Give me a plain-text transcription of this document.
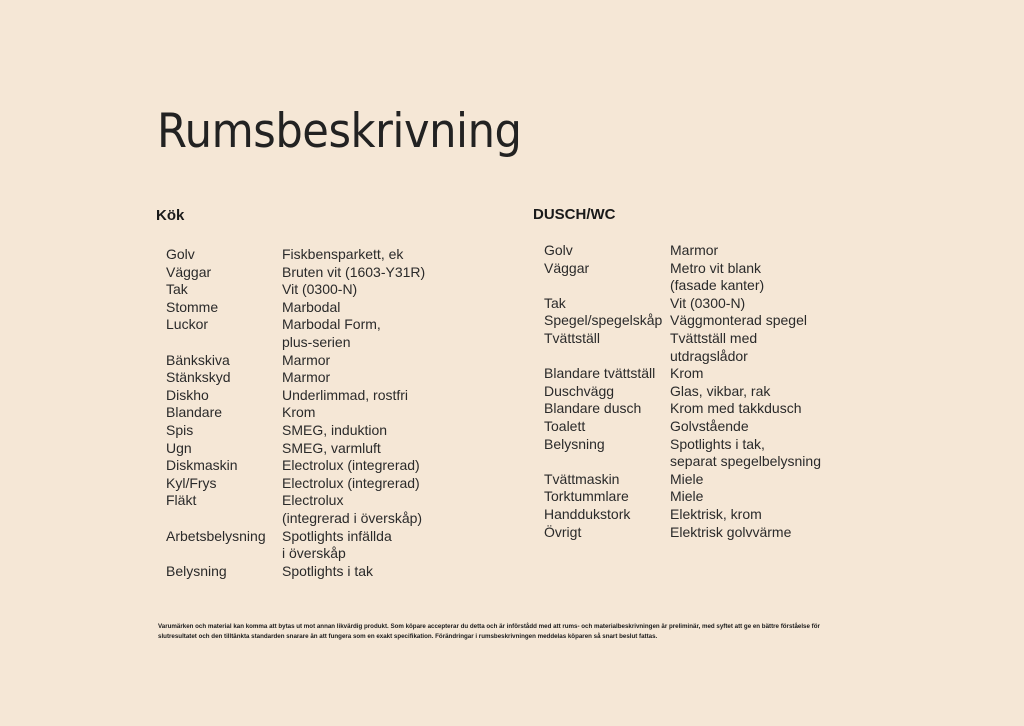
Rumsbeskrivning
Kök
Golv	Fiskbensparkett, ek

Väggar	Bruten vit (1603-Y31R)

Tak	Vit (0300-N)

Stomme	Marbodal

Luckor	Marbodal Form,
plus-serien

Bänkskiva	Marmor

Stänkskyd	Marmor

Diskho	Underlimmad, rostfri

Blandare	Krom

Spis	SMEG, induktion

Ugn	SMEG, varmluft

Diskmaskin	Electrolux (integrerad)

Kyl/Frys	Electrolux (integrerad)

Fläkt	Electrolux
(integrerad i överskåp)

Arbetsbelysning	Spotlights infällda
i överskåp

Belysning	Spotlights i tak
DUSCH/WC
Golv	Marmor

Väggar	Metro vit blank
(fasade kanter)

Tak	Vit (0300-N)

Spegel/spegelskåp	Väggmonterad spegel

Tvättställ	Tvättställ med
utdragslådor

Blandare tvättställ	Krom

Duschvägg	Glas, vikbar, rak

Blandare dusch	Krom med takkdusch

Toalett	Golvstående

Belysning	Spotlights i tak,
separat spegelbelysning

Tvättmaskin	Miele

Torktummlare	Miele

Handdukstork	Elektrisk, krom

Övrigt	Elektrisk golvvärme
Varumärken och material kan komma att bytas ut mot annan likvärdig produkt. Som köpare accepterar du detta och är införstådd med att rums- och materialbeskrivningen är preliminär, med syftet att ge en bättre förståelse för slutresultatet och den tilltänkta standarden snarare än att fungera som en exakt specifikation. Förändringar i rumsbeskrivningen meddelas köparen så snart beslut fattas.
